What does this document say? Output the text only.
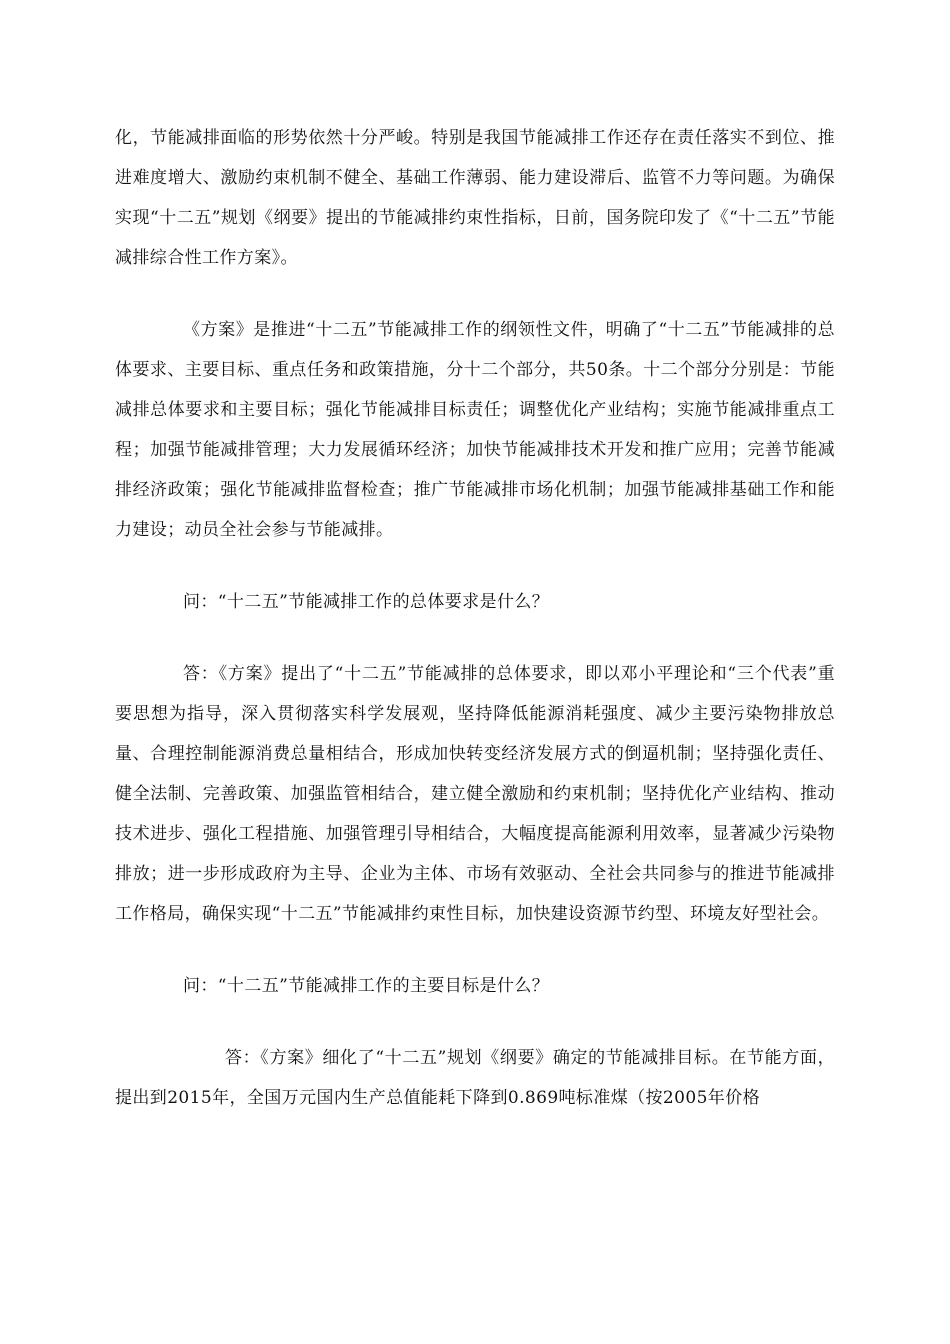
化，节能减排面临的形势依然十分严峻。特别是我国节能减排工作还存在责任落实不到位、推进难度增大、激励约束机制不健全、基础工作薄弱、能力建设滞后、监管不力等问题。为确保实现“十二五”规划《纲要》提出的节能减排约束性指标，日前，国务院印发了《“十二五”节能减排综合性工作方案》。

《方案》是推进“十二五”节能减排工作的纲领性文件，明确了“十二五”节能减排的总体要求、主要目标、重点任务和政策措施，分十二个部分，共50条。十二个部分分别是：节能减排总体要求和主要目标；强化节能减排目标责任；调整优化产业结构；实施节能减排重点工程；加强节能减排管理；大力发展循环经济；加快节能减排技术开发和推广应用；完善节能减排经济政策；强化节能减排监督检查；推广节能减排市场化机制；加强节能减排基础工作和能力建设；动员全社会参与节能减排。

问：“十二五”节能减排工作的总体要求是什么？

答：《方案》提出了“十二五”节能减排的总体要求，即以邓小平理论和“三个代表”重要思想为指导，深入贯彻落实科学发展观，坚持降低能源消耗强度、减少主要污染物排放总量、合理控制能源消费总量相结合，形成加快转变经济发展方式的倒逼机制；坚持强化责任、健全法制、完善政策、加强监管相结合，建立健全激励和约束机制；坚持优化产业结构、推动技术进步、强化工程措施、加强管理引导相结合，大幅度提高能源利用效率，显著减少污染物排放；进一步形成政府为主导、企业为主体、市场有效驱动、全社会共同参与的推进节能减排工作格局，确保实现“十二五”节能减排约束性目标，加快建设资源节约型、环境友好型社会。

问：“十二五”节能减排工作的主要目标是什么？

答：《方案》细化了“十二五”规划《纲要》确定的节能减排目标。在节能方面，提出到2015年，全国万元国内生产总值能耗下降到0.869吨标准煤（按2005年价格
